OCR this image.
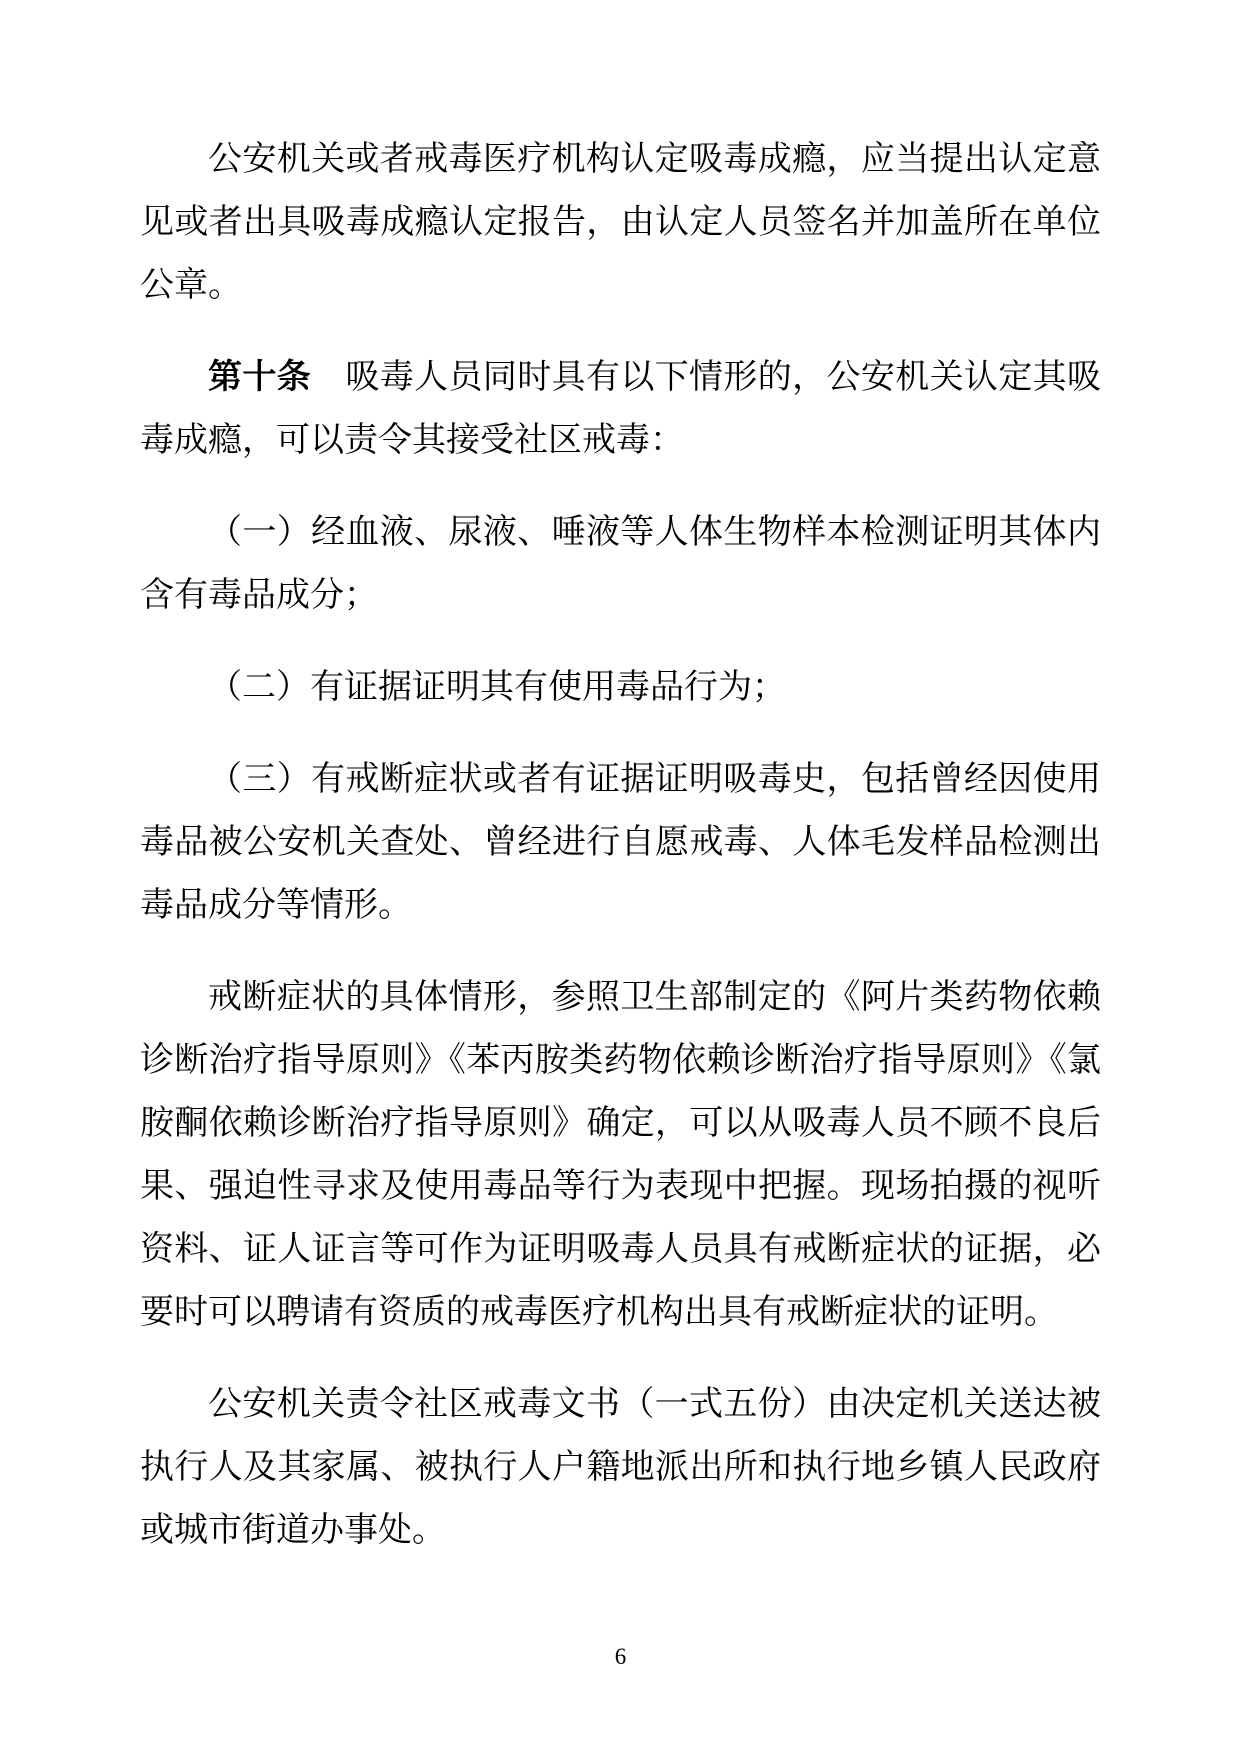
公安机关或者戒毒医疗机构认定吸毒成瘾，应当提出认定意见或者出具吸毒成瘾认定报告，由认定人员签名并加盖所在单位公章。

第十条　吸毒人员同时具有以下情形的，公安机关认定其吸毒成瘾，可以责令其接受社区戒毒：

（一）经血液、尿液、唾液等人体生物样本检测证明其体内含有毒品成分；

（二）有证据证明其有使用毒品行为；

（三）有戒断症状或者有证据证明吸毒史，包括曾经因使用毒品被公安机关查处、曾经进行自愿戒毒、人体毛发样品检测出毒品成分等情形。

戒断症状的具体情形，参照卫生部制定的《阿片类药物依赖诊断治疗指导原则》《苯丙胺类药物依赖诊断治疗指导原则》《氯胺酮依赖诊断治疗指导原则》确定，可以从吸毒人员不顾不良后果、强迫性寻求及使用毒品等行为表现中把握。现场拍摄的视听资料、证人证言等可作为证明吸毒人员具有戒断症状的证据，必要时可以聘请有资质的戒毒医疗机构出具有戒断症状的证明。

公安机关责令社区戒毒文书（一式五份）由决定机关送达被执行人及其家属、被执行人户籍地派出所和执行地乡镇人民政府或城市街道办事处。

6
